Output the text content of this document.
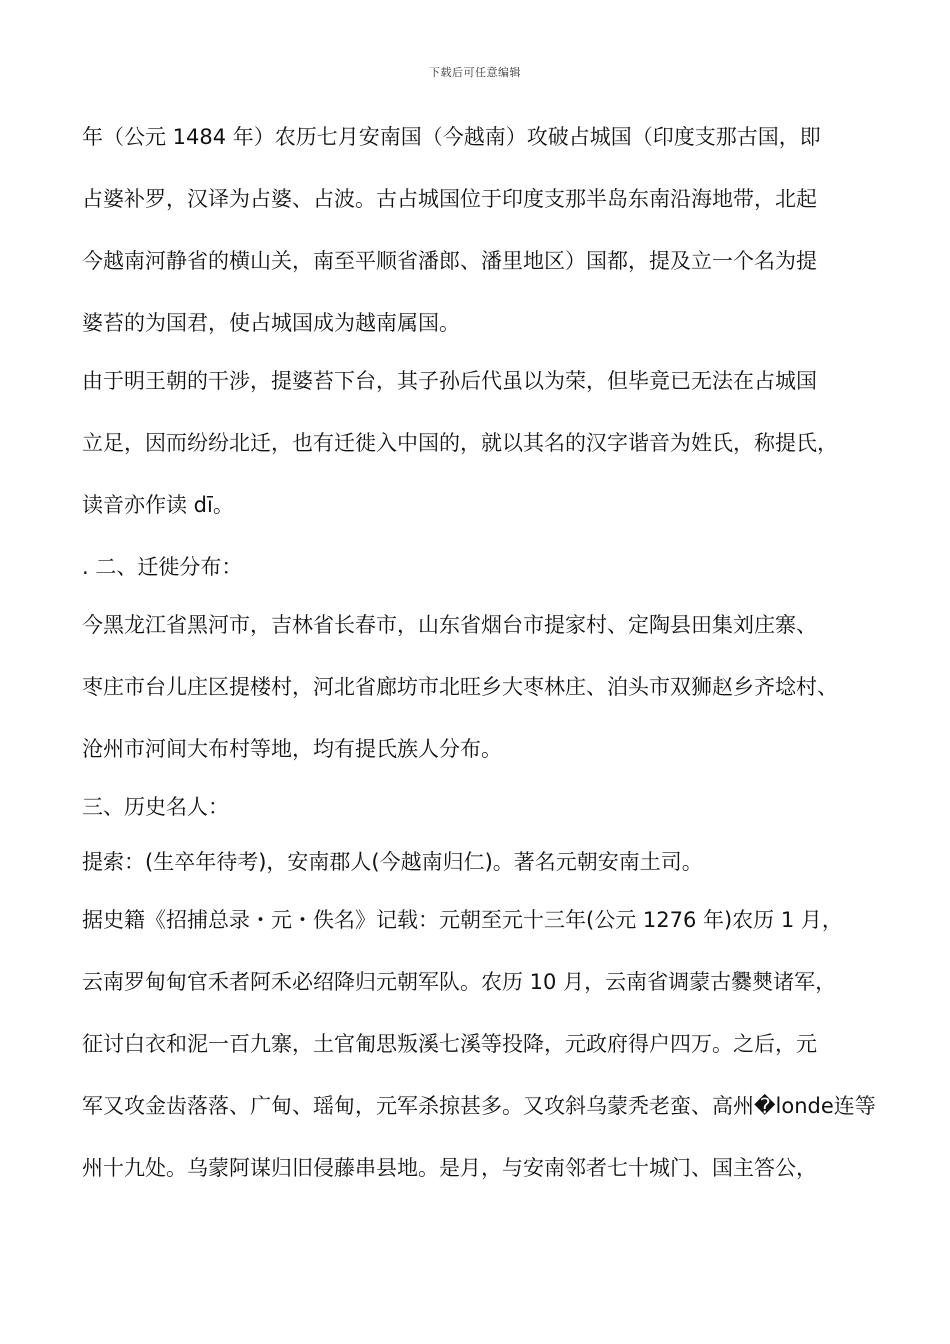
下载后可任意编辑
年（公元 1484 年）农历七月安南国（今越南）攻破占城国（印度支那古国，即
占婆补罗，汉译为占婆、占波。古占城国位于印度支那半岛东南沿海地带，北起
今越南河静省的横山关，南至平顺省潘郎、潘里地区）国都，提及立一个名为提
婆苔的为国君，使占城国成为越南属国。
由于明王朝的干涉，提婆苔下台，其子孙后代虽以为荣，但毕竟已无法在占城国
立足，因而纷纷北迁，也有迁徙入中国的，就以其名的汉字谐音为姓氏，称提氏，
读音亦作读 dī。
. 二、迁徙分布：
今黑龙江省黑河市，吉林省长春市，山东省烟台市提家村、定陶县田集刘庄寨、
枣庄市台儿庄区提楼村，河北省廊坊市北旺乡大枣林庄、泊头市双狮赵乡齐埝村、
沧州市河间大布村等地，均有提氏族人分布。
三、历史名人：
提索：(生卒年待考)，安南郡人(今越南归仁)。著名元朝安南土司。
据史籍《招捕总录・元・佚名》记载：元朝至元十三年(公元 1276 年)农历 1 月，
云南罗甸甸官禾者阿禾必绍降归元朝军队。农历 10 月，云南省调蒙古爨僰诸军，
征讨白衣和泥一百九寨，土官匍思叛溪七溪等投降，元政府得户四万。之后，元
军又攻金齿落落、广甸、瑶甸，元军杀掠甚多。又攻斜乌蒙秃老蛮、高州�londe连等
州十九处。乌蒙阿谋归旧侵藤串县地。是月，与安南邻者七十城门、国主答公，
